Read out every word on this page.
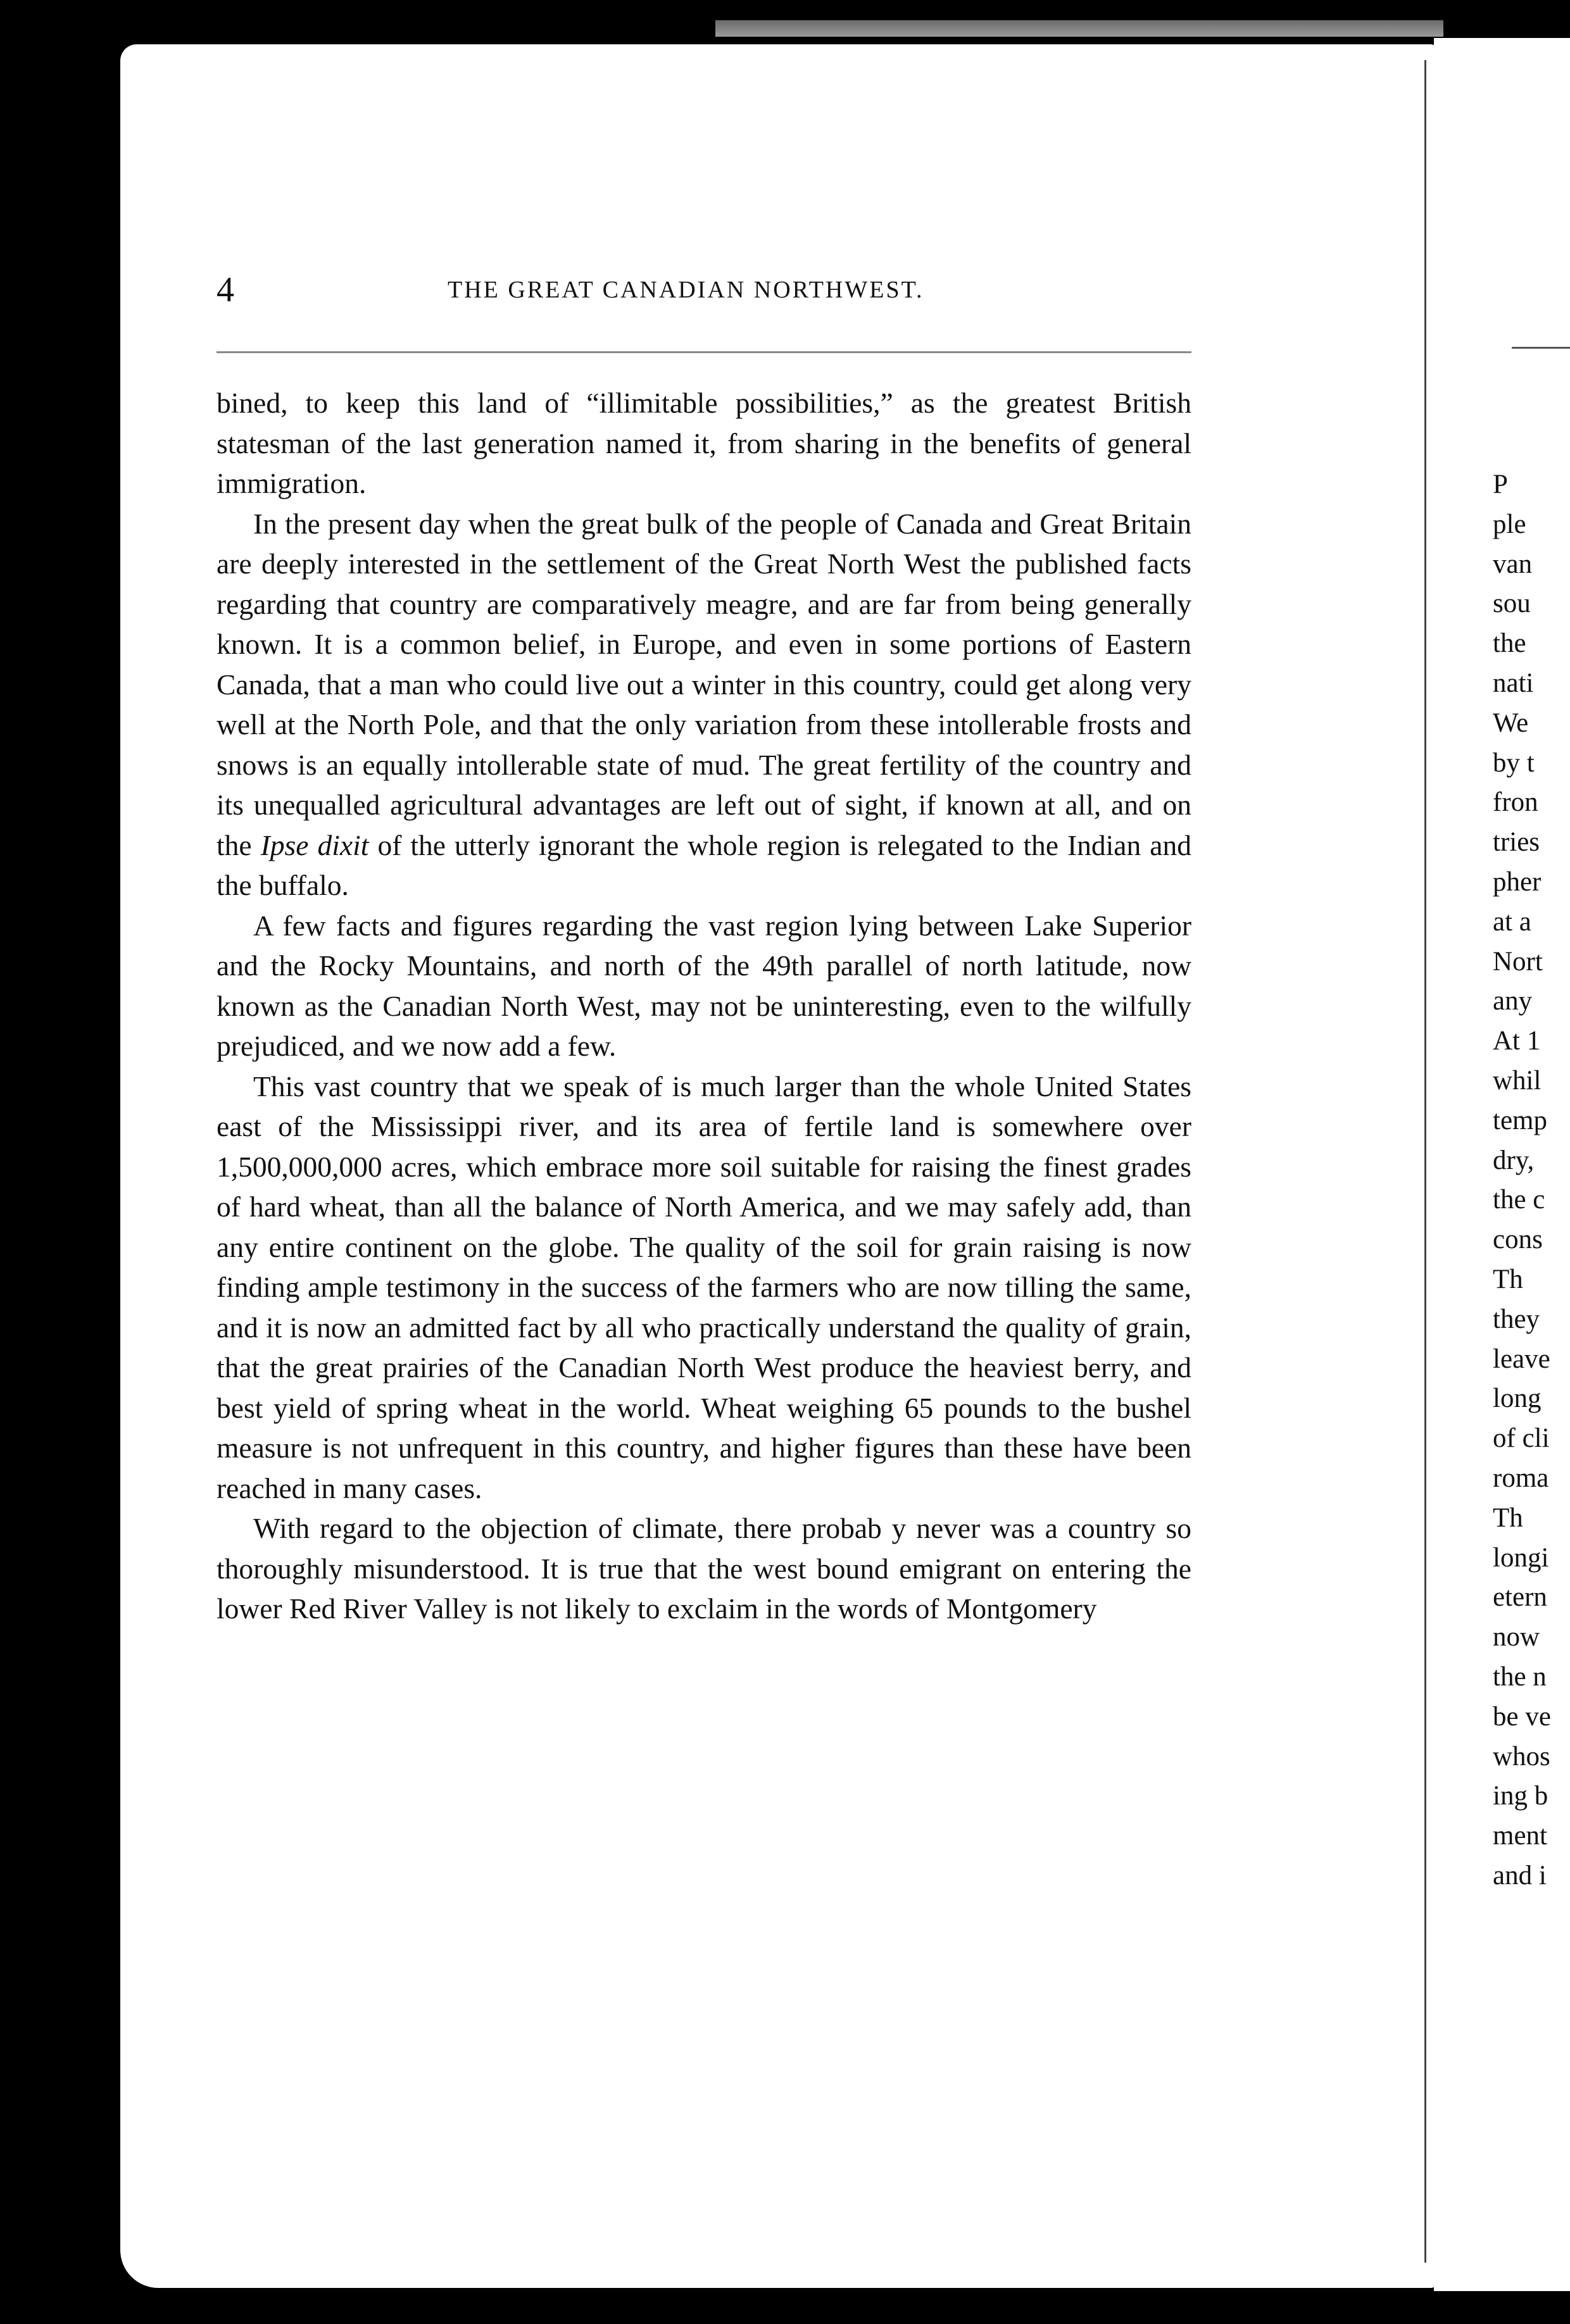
4	THE GREAT CANADIAN NORTHWEST.

bined, to keep this land of “illimitable possibilities,” as the greatest British statesman of the last generation named it, from sharing in the benefits of general immigration.

In the present day when the great bulk of the people of Canada and Great Britain are deeply interested in the settlement of the Great North West the published facts regarding that country are comparatively meagre, and are far from being generally known. It is a common belief, in Europe, and even in some portions of Eastern Canada, that a man who could live out a winter in this country, could get along very well at the North Pole, and that the only variation from these intollerable frosts and snows is an equally intollerable state of mud. The great fertility of the country and its unequalled agricultural advantages are left out of sight, if known at all, and on the Ipse dixit of the utterly ignorant the whole region is relegated to the Indian and the buffalo.

A few facts and figures regarding the vast region lying between Lake Superior and the Rocky Mountains, and north of the 49th parallel of north latitude, now known as the Canadian North West, may not be uninteresting, even to the wilfully prejudiced, and we now add a few.

This vast country that we speak of is much larger than the whole United States east of the Mississippi river, and its area of fertile land is somewhere over 1,500,000,000 acres, which embrace more soil suitable for raising the finest grades of hard wheat, than all the balance of North America, and we may safely add, than any entire continent on the globe. The quality of the soil for grain raising is now finding ample testimony in the success of the farmers who are now tilling the same, and it is now an admitted fact by all who practically understand the quality of grain, that the great prairies of the Canadian North West produce the heaviest berry, and best yield of spring wheat in the world. Wheat weighing 65 pounds to the bushel measure is not unfrequent in this country, and higher figures than these have been reached in many cases.

With regard to the objection of climate, there probab y never was a country so thoroughly misunderstood. It is true that the west bound emigrant on entering the lower Red River Valley is not likely to exclaim in the words of Montgomery

P
ple
van
sou
the
nati
We
by t
fron
tries
pher
at a
Nort
any
At 1
whil
temp
dry,
the c
cons
Th
they
leave
long
of cli
roma
Th
longi
etern
now
the n
be ve
whos
ing b
ment
and i
